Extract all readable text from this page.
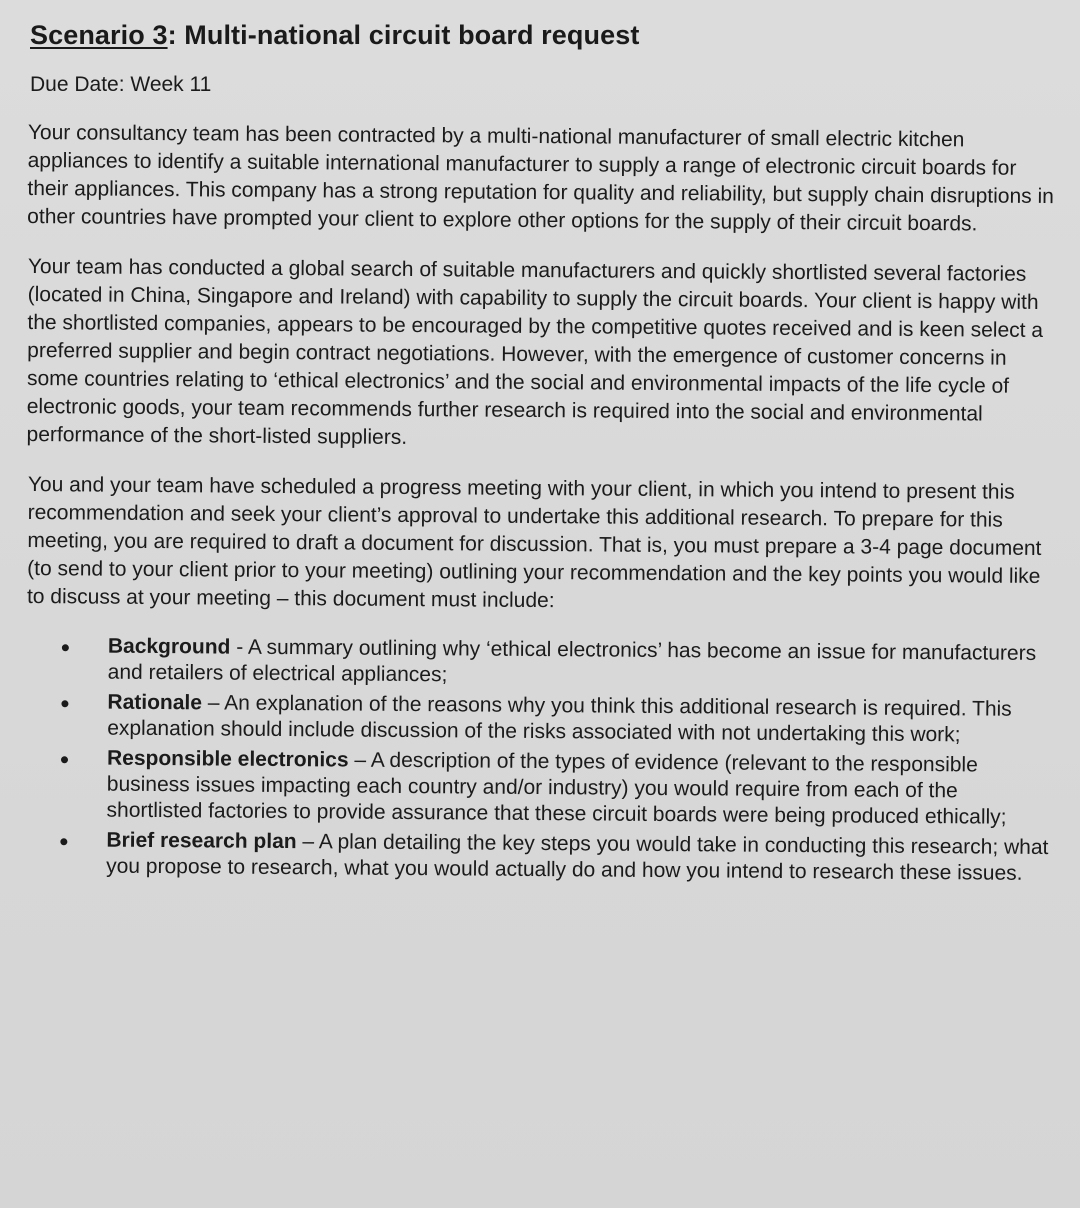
Scenario 3: Multi-national circuit board request
Due Date: Week 11

Your consultancy team has been contracted by a multi-national manufacturer of small electric kitchen appliances to identify a suitable international manufacturer to supply a range of electronic circuit boards for their appliances. This company has a strong reputation for quality and reliability, but supply chain disruptions in other countries have prompted your client to explore other options for the supply of their circuit boards.

Your team has conducted a global search of suitable manufacturers and quickly shortlisted several factories (located in China, Singapore and Ireland) with capability to supply the circuit boards. Your client is happy with the shortlisted companies, appears to be encouraged by the competitive quotes received and is keen select a preferred supplier and begin contract negotiations. However, with the emergence of customer concerns in some countries relating to ‘ethical electronics’ and the social and environmental impacts of the life cycle of electronic goods, your team recommends further research is required into the social and environmental performance of the short-listed suppliers.

You and your team have scheduled a progress meeting with your client, in which you intend to present this recommendation and seek your client’s approval to undertake this additional research. To prepare for this meeting, you are required to draft a document for discussion. That is, you must prepare a 3-4 page document (to send to your client prior to your meeting) outlining your recommendation and the key points you would like to discuss at your meeting – this document must include:

Background - A summary outlining why ‘ethical electronics’ has become an issue for manufacturers and retailers of electrical appliances;
Rationale – An explanation of the reasons why you think this additional research is required. This explanation should include discussion of the risks associated with not undertaking this work;
Responsible electronics – A description of the types of evidence (relevant to the responsible business issues impacting each country and/or industry) you would require from each of the shortlisted factories to provide assurance that these circuit boards were being produced ethically;
Brief research plan – A plan detailing the key steps you would take in conducting this research; what you propose to research, what you would actually do and how you intend to research these issues.
